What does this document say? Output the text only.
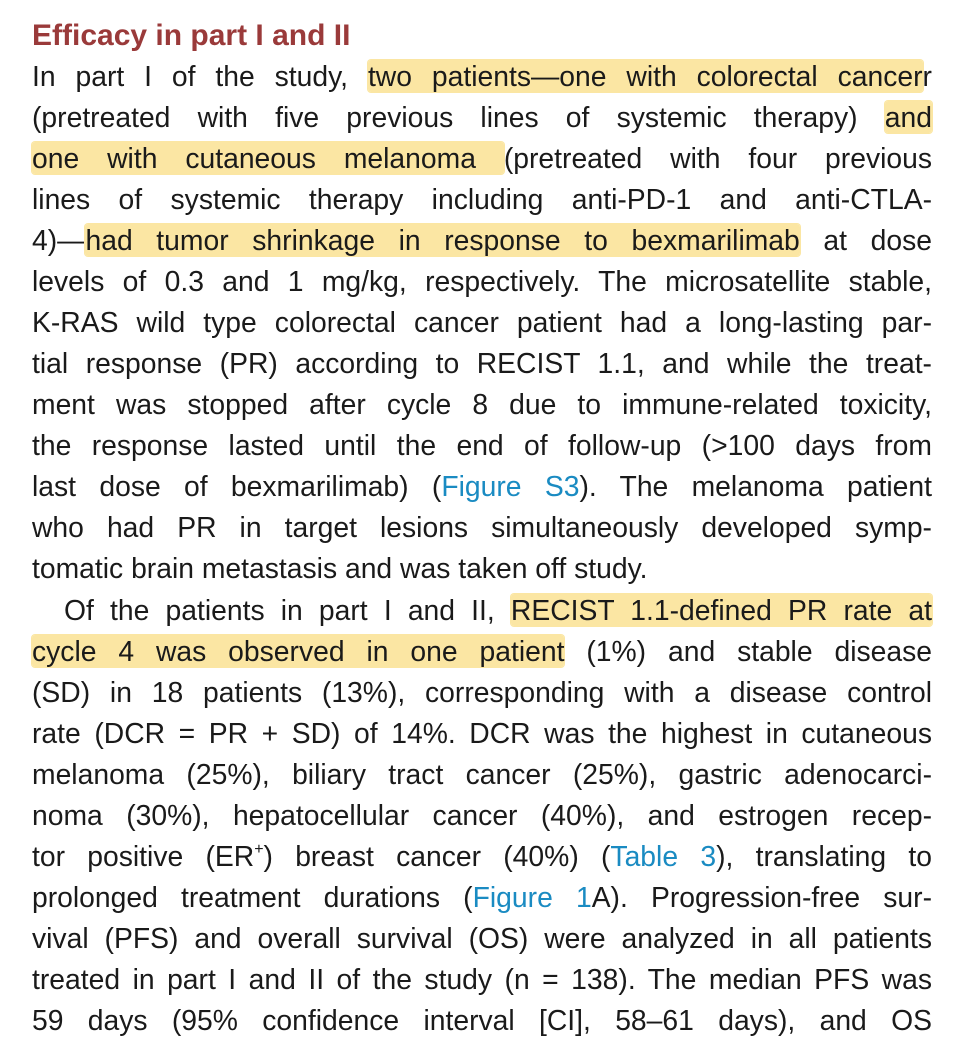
Efficacy in part I and II
In part I of the study, two patients—one with colorectal cancerr
(pretreated with five previous lines of systemic therapy) and
one with cutaneous melanoma (pretreated with four previous
lines of systemic therapy including anti-PD-1 and anti-CTLA-
4)—had tumor shrinkage in response to bexmarilimab at dose
levels of 0.3 and 1 mg/kg, respectively. The microsatellite stable,
K-RAS wild type colorectal cancer patient had a long-lasting par-
tial response (PR) according to RECIST 1.1, and while the treat-
ment was stopped after cycle 8 due to immune-related toxicity,
the response lasted until the end of follow-up (>100 days from
last dose of bexmarilimab) (Figure S3). The melanoma patient
who had PR in target lesions simultaneously developed symp-
tomatic brain metastasis and was taken off study.
Of the patients in part I and II, RECIST 1.1-defined PR rate at
cycle 4 was observed in one patient (1%) and stable disease
(SD) in 18 patients (13%), corresponding with a disease control
rate (DCR = PR + SD) of 14%. DCR was the highest in cutaneous
melanoma (25%), biliary tract cancer (25%), gastric adenocarci-
noma (30%), hepatocellular cancer (40%), and estrogen recep-
tor positive (ER+) breast cancer (40%) (Table 3), translating to
prolonged treatment durations (Figure 1A). Progression-free sur-
vival (PFS) and overall survival (OS) were analyzed in all patients
treated in part I and II of the study (n = 138). The median PFS was
59 days (95% confidence interval [CI], 58–61 days), and OS
